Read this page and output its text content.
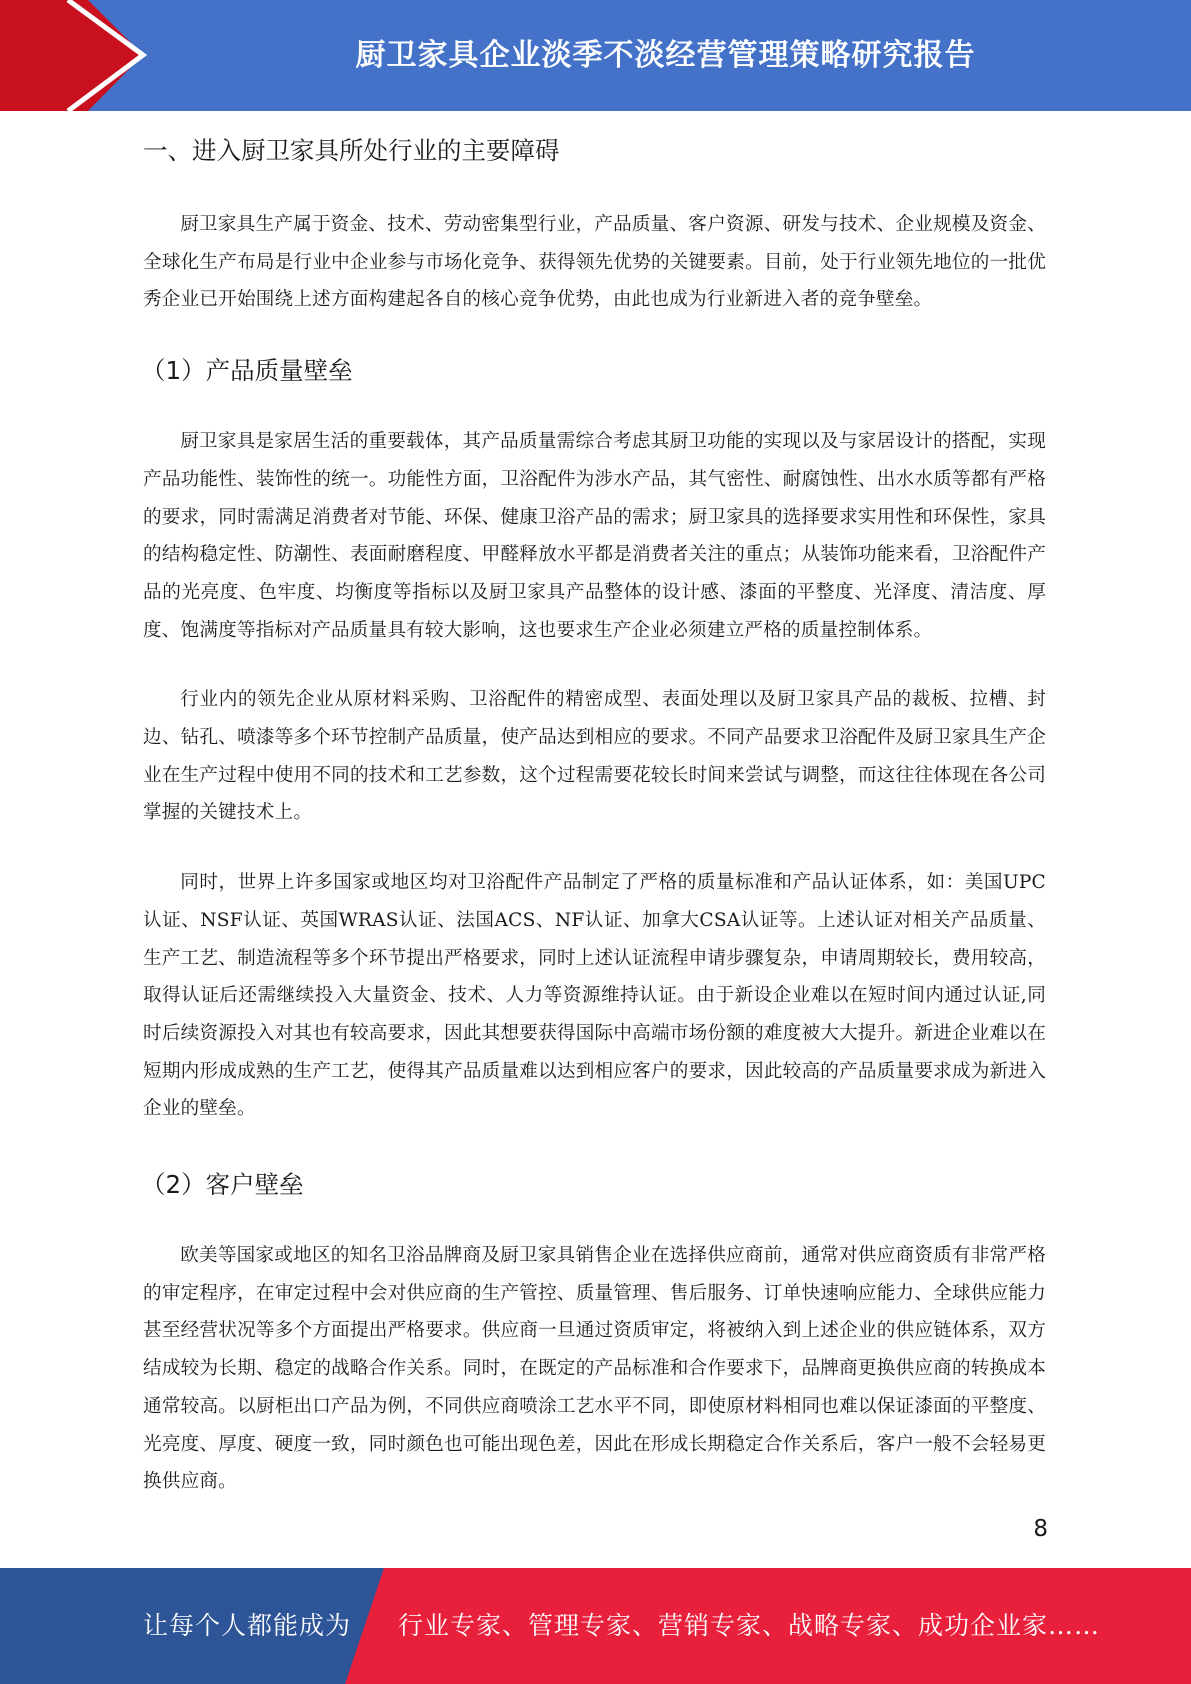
厨卫家具企业淡季不淡经营管理策略研究报告
一、进入厨卫家具所处行业的主要障碍

厨卫家具生产属于资金、技术、劳动密集型行业，产品质量、客户资源、研发与技术、企业规模及资金、全球化生产布局是行业中企业参与市场化竞争、获得领先优势的关键要素。目前，处于行业领先地位的一批优秀企业已开始围绕上述方面构建起各自的核心竞争优势，由此也成为行业新进入者的竞争壁垒。

（1）产品质量壁垒

厨卫家具是家居生活的重要载体，其产品质量需综合考虑其厨卫功能的实现以及与家居设计的搭配，实现产品功能性、装饰性的统一。功能性方面，卫浴配件为涉水产品，其气密性、耐腐蚀性、出水水质等都有严格的要求，同时需满足消费者对节能、环保、健康卫浴产品的需求；厨卫家具的选择要求实用性和环保性，家具的结构稳定性、防潮性、表面耐磨程度、甲醛释放水平都是消费者关注的重点；从装饰功能来看，卫浴配件产品的光亮度、色牢度、均衡度等指标以及厨卫家具产品整体的设计感、漆面的平整度、光泽度、清洁度、厚度、饱满度等指标对产品质量具有较大影响，这也要求生产企业必须建立严格的质量控制体系。

行业内的领先企业从原材料采购、卫浴配件的精密成型、表面处理以及厨卫家具产品的裁板、拉槽、封边、钻孔、喷漆等多个环节控制产品质量，使产品达到相应的要求。不同产品要求卫浴配件及厨卫家具生产企业在生产过程中使用不同的技术和工艺参数，这个过程需要花较长时间来尝试与调整，而这往往体现在各公司掌握的关键技术上。

同时，世界上许多国家或地区均对卫浴配件产品制定了严格的质量标准和产品认证体系，如：美国UPC认证、NSF认证、英国WRAS认证、法国ACS、NF认证、加拿大CSA认证等。上述认证对相关产品质量、生产工艺、制造流程等多个环节提出严格要求，同时上述认证流程申请步骤复杂，申请周期较长，费用较高，取得认证后还需继续投入大量资金、技术、人力等资源维持认证。由于新设企业难以在短时间内通过认证,同时后续资源投入对其也有较高要求，因此其想要获得国际中高端市场份额的难度被大大提升。新进企业难以在短期内形成成熟的生产工艺，使得其产品质量难以达到相应客户的要求，因此较高的产品质量要求成为新进入企业的壁垒。

（2）客户壁垒

欧美等国家或地区的知名卫浴品牌商及厨卫家具销售企业在选择供应商前，通常对供应商资质有非常严格的审定程序，在审定过程中会对供应商的生产管控、质量管理、售后服务、订单快速响应能力、全球供应能力甚至经营状况等多个方面提出严格要求。供应商一旦通过资质审定，将被纳入到上述企业的供应链体系，双方结成较为长期、稳定的战略合作关系。同时，在既定的产品标准和合作要求下，品牌商更换供应商的转换成本通常较高。以厨柜出口产品为例，不同供应商喷涂工艺水平不同，即使原材料相同也难以保证漆面的平整度、光亮度、厚度、硬度一致，同时颜色也可能出现色差，因此在形成长期稳定合作关系后，客户一般不会轻易更换供应商。

8
让每个人都能成为 行业专家、管理专家、营销专家、战略专家、成功企业家……
